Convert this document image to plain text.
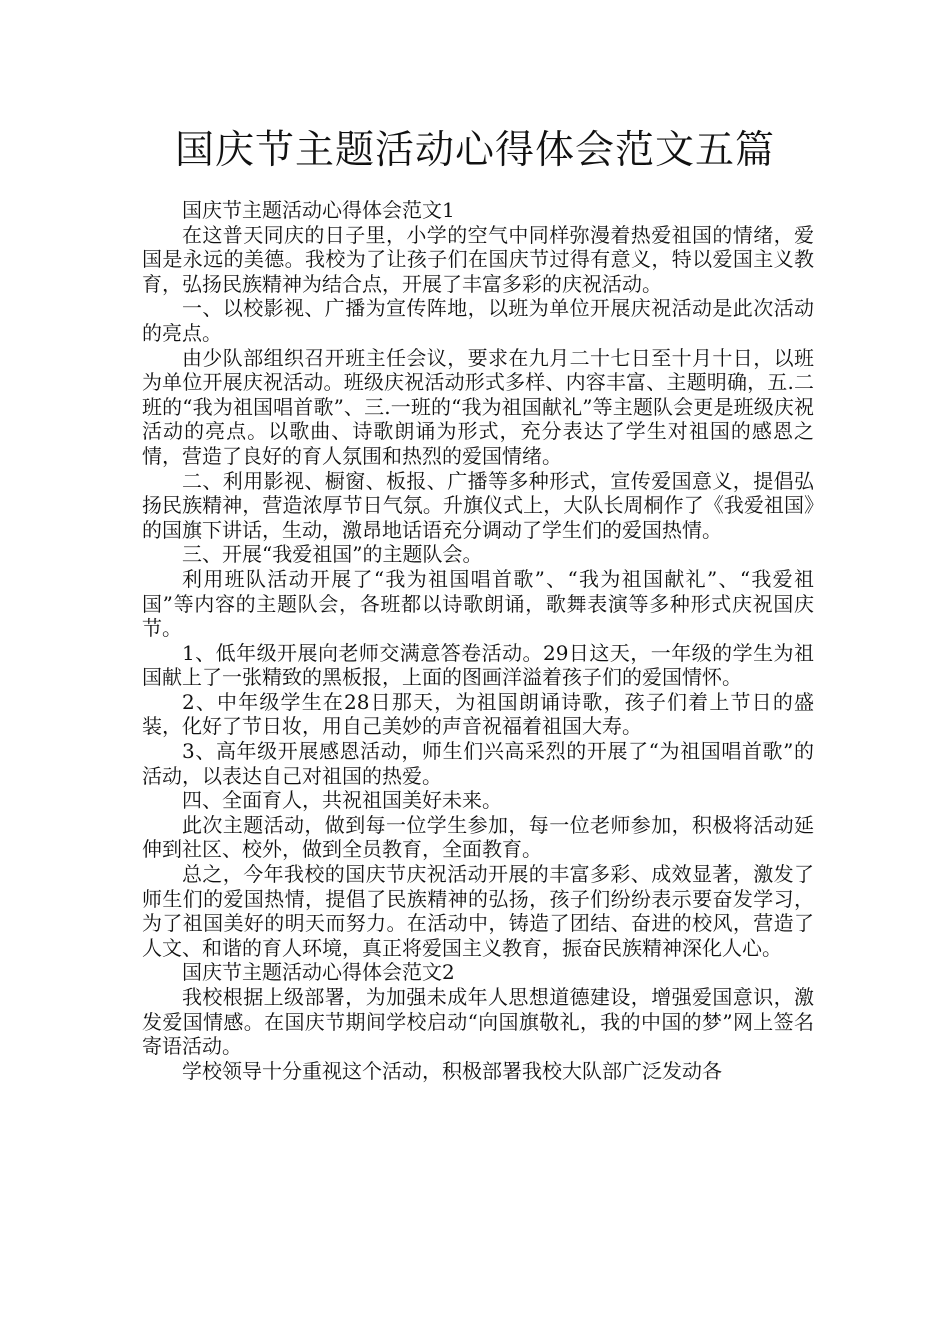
国庆节主题活动心得体会范文五篇

国庆节主题活动心得体会范文1

在这普天同庆的日子里，小学的空气中同样弥漫着热爱祖国的情绪，爱国是永远的美德。我校为了让孩子们在国庆节过得有意义，特以爱国主义教育，弘扬民族精神为结合点，开展了丰富多彩的庆祝活动。

一、以校影视、广播为宣传阵地，以班为单位开展庆祝活动是此次活动的亮点。

由少队部组织召开班主任会议，要求在九月二十七日至十月十日，以班为单位开展庆祝活动。班级庆祝活动形式多样、内容丰富、主题明确，五.二班的“我为祖国唱首歌”、三.一班的“我为祖国献礼”等主题队会更是班级庆祝活动的亮点。以歌曲、诗歌朗诵为形式，充分表达了学生对祖国的感恩之情，营造了良好的育人氛围和热烈的爱国情绪。

二、利用影视、橱窗、板报、广播等多种形式，宣传爱国意义，提倡弘扬民族精神，营造浓厚节日气氛。升旗仪式上，大队长周桐作了《我爱祖国》的国旗下讲话，生动，激昂地话语充分调动了学生们的爱国热情。

三、开展“我爱祖国”的主题队会。

利用班队活动开展了“我为祖国唱首歌”、“我为祖国献礼”、“我爱祖国”等内容的主题队会，各班都以诗歌朗诵，歌舞表演等多种形式庆祝国庆节。

1、低年级开展向老师交满意答卷活动。29日这天，一年级的学生为祖国献上了一张精致的黑板报，上面的图画洋溢着孩子们的爱国情怀。

2、中年级学生在28日那天，为祖国朗诵诗歌，孩子们着上节日的盛装，化好了节日妆，用自己美妙的声音祝福着祖国大寿。

3、高年级开展感恩活动，师生们兴高采烈的开展了“为祖国唱首歌”的活动，以表达自己对祖国的热爱。

四、全面育人，共祝祖国美好未来。

此次主题活动，做到每一位学生参加，每一位老师参加，积极将活动延伸到社区、校外，做到全员教育，全面教育。

总之，今年我校的国庆节庆祝活动开展的丰富多彩、成效显著，激发了师生们的爱国热情，提倡了民族精神的弘扬，孩子们纷纷表示要奋发学习，为了祖国美好的明天而努力。在活动中，铸造了团结、奋进的校风，营造了人文、和谐的育人环境，真正将爱国主义教育，振奋民族精神深化人心。

国庆节主题活动心得体会范文2

我校根据上级部署，为加强未成年人思想道德建设，增强爱国意识，激发爱国情感。在国庆节期间学校启动“向国旗敬礼，我的中国的梦”网上签名寄语活动。

学校领导十分重视这个活动，积极部署我校大队部广泛发动各
